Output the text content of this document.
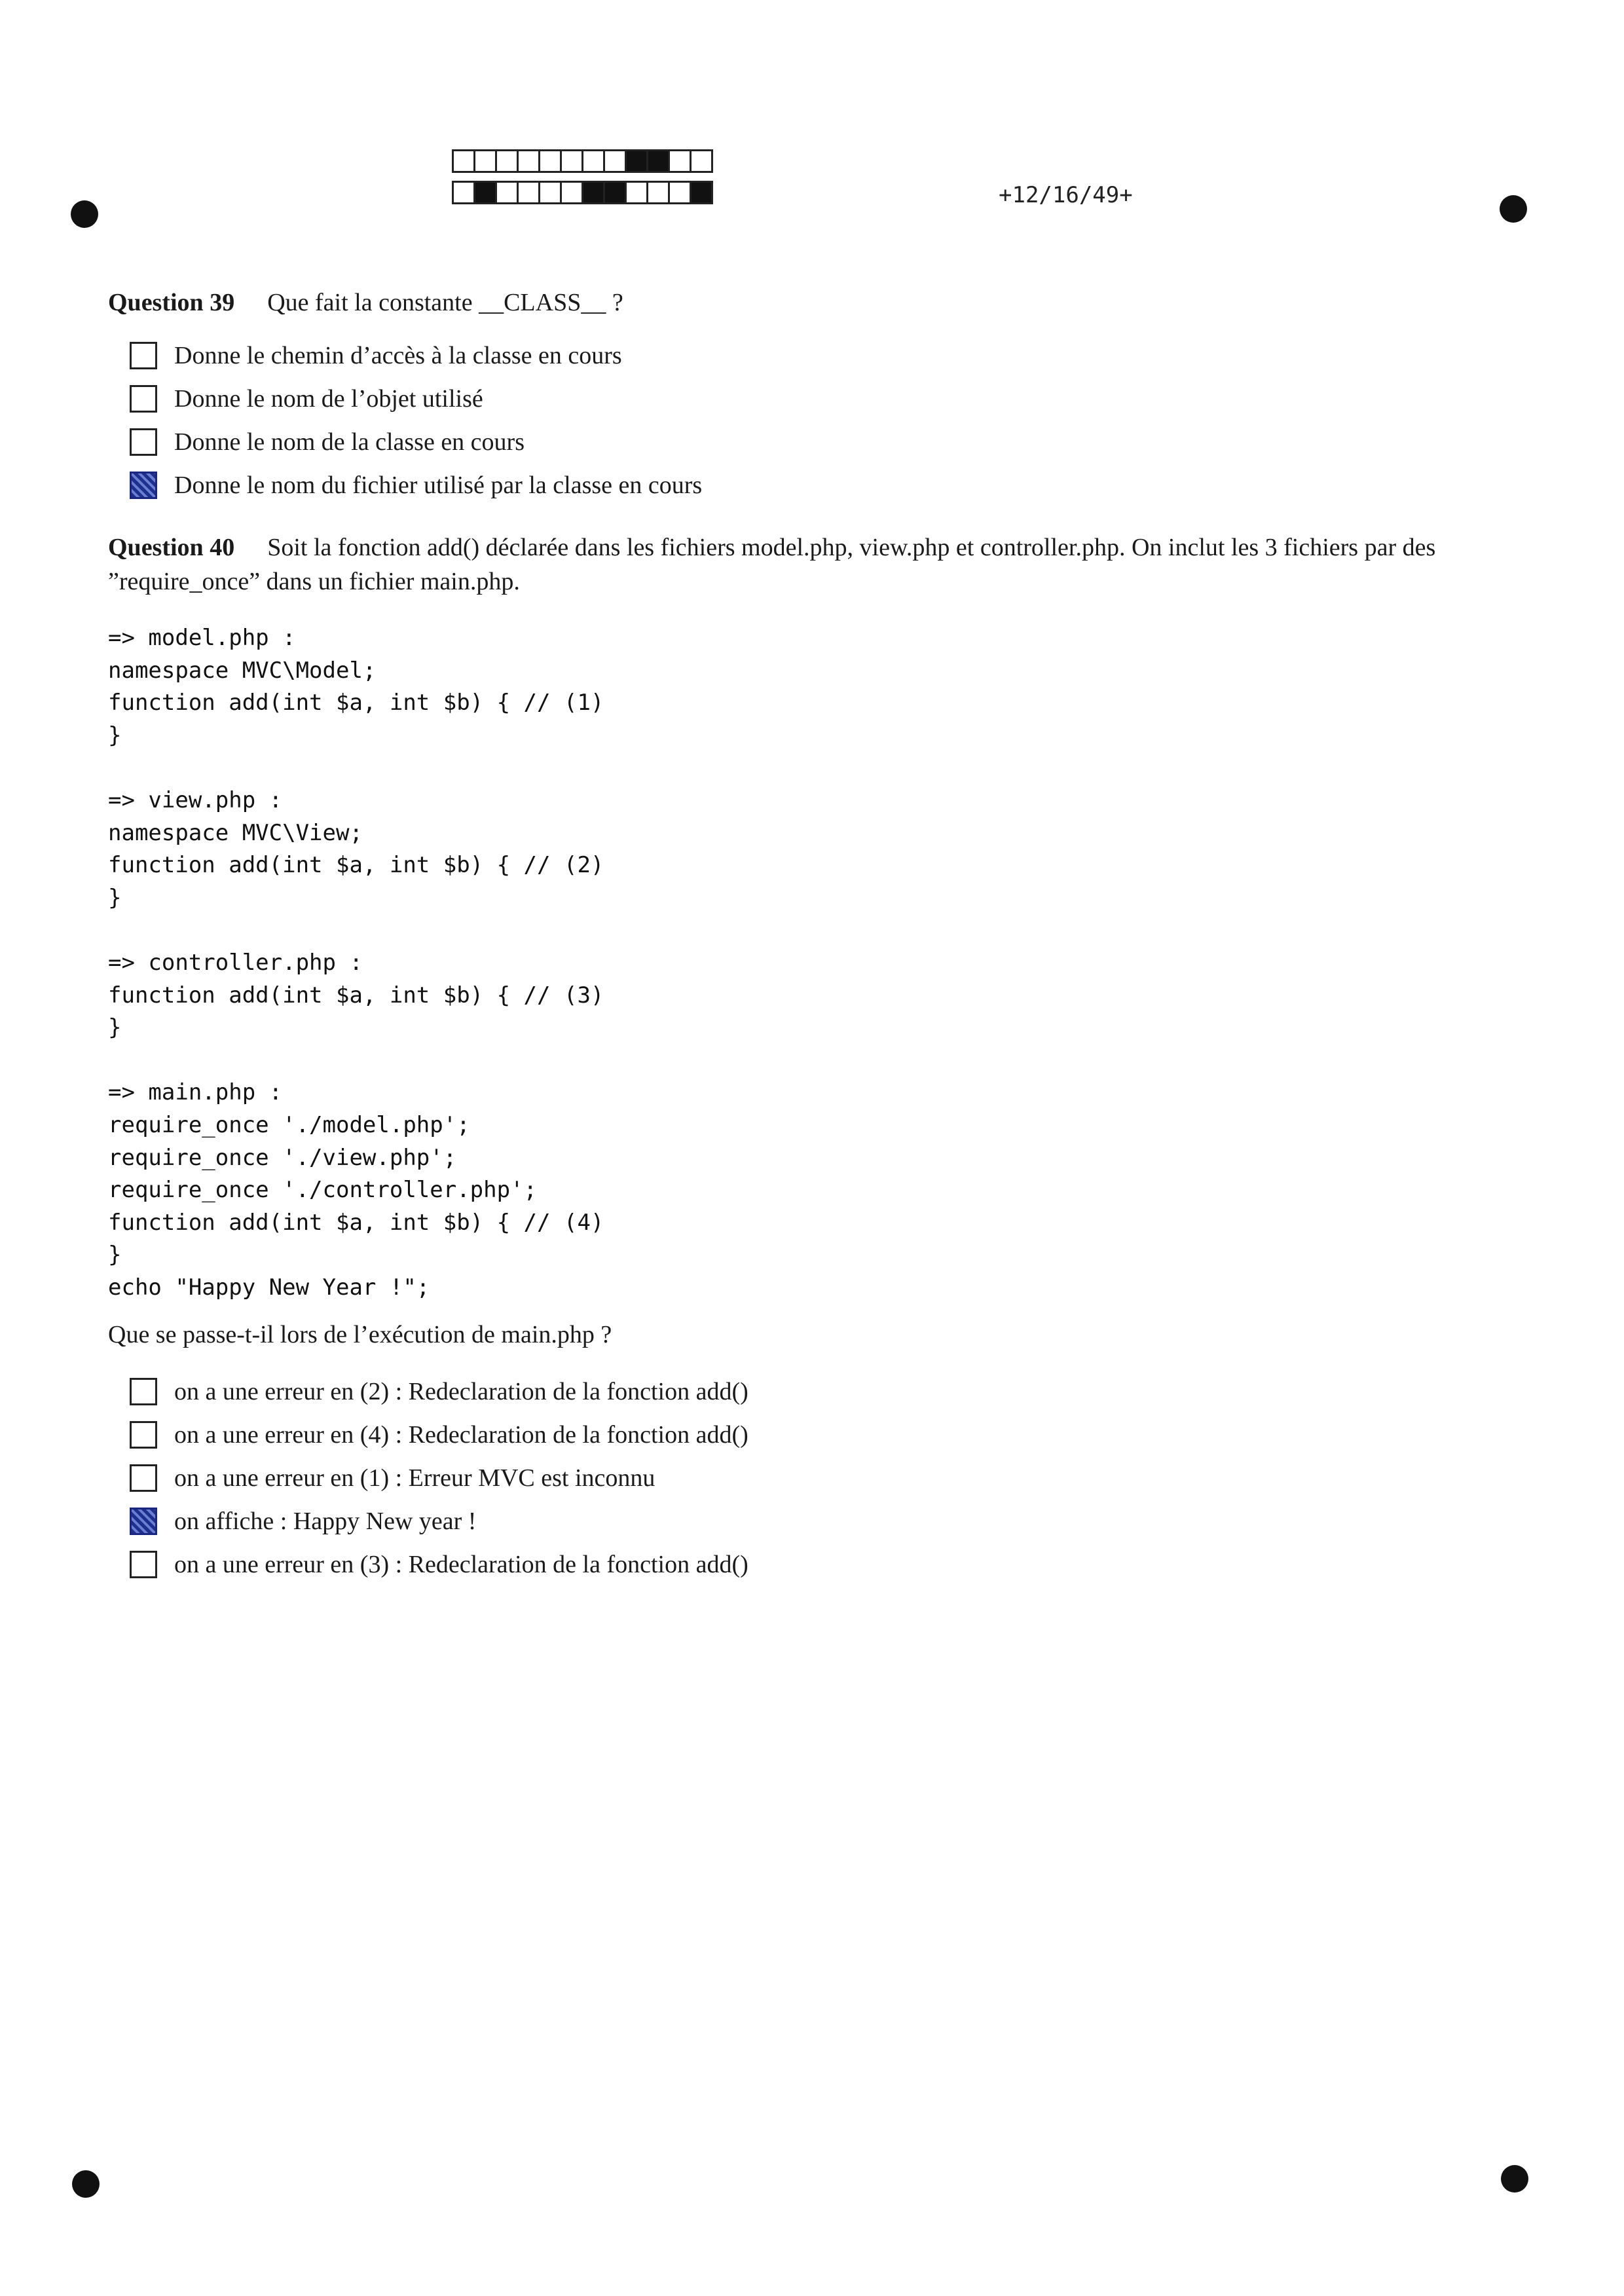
+12/16/49+
Question 39 Que fait la constante __CLASS__ ?
Donne le chemin d’accès à la classe en cours
Donne le nom de l’objet utilisé
Donne le nom de la classe en cours
Donne le nom du fichier utilisé par la classe en cours
Question 40 Soit la fonction add() déclarée dans les fichiers model.php, view.php et controller.php. On inclut les 3 fichiers par des ”require_once” dans un fichier main.php.
=> model.php :
namespace MVC\Model;
function add(int $a, int $b) { // (1)
}

=> view.php :
namespace MVC\View;
function add(int $a, int $b) { // (2)
}

=> controller.php :
function add(int $a, int $b) { // (3)
}

=> main.php :
require_once './model.php';
require_once './view.php';
require_once './controller.php';
function add(int $a, int $b) { // (4)
}
echo "Happy New Year !";
Que se passe-t-il lors de l’exécution de main.php ?
on a une erreur en (2) : Redeclaration de la fonction add()
on a une erreur en (4) : Redeclaration de la fonction add()
on a une erreur en (1) : Erreur MVC est inconnu
on affiche : Happy New year !
on a une erreur en (3) : Redeclaration de la fonction add()
